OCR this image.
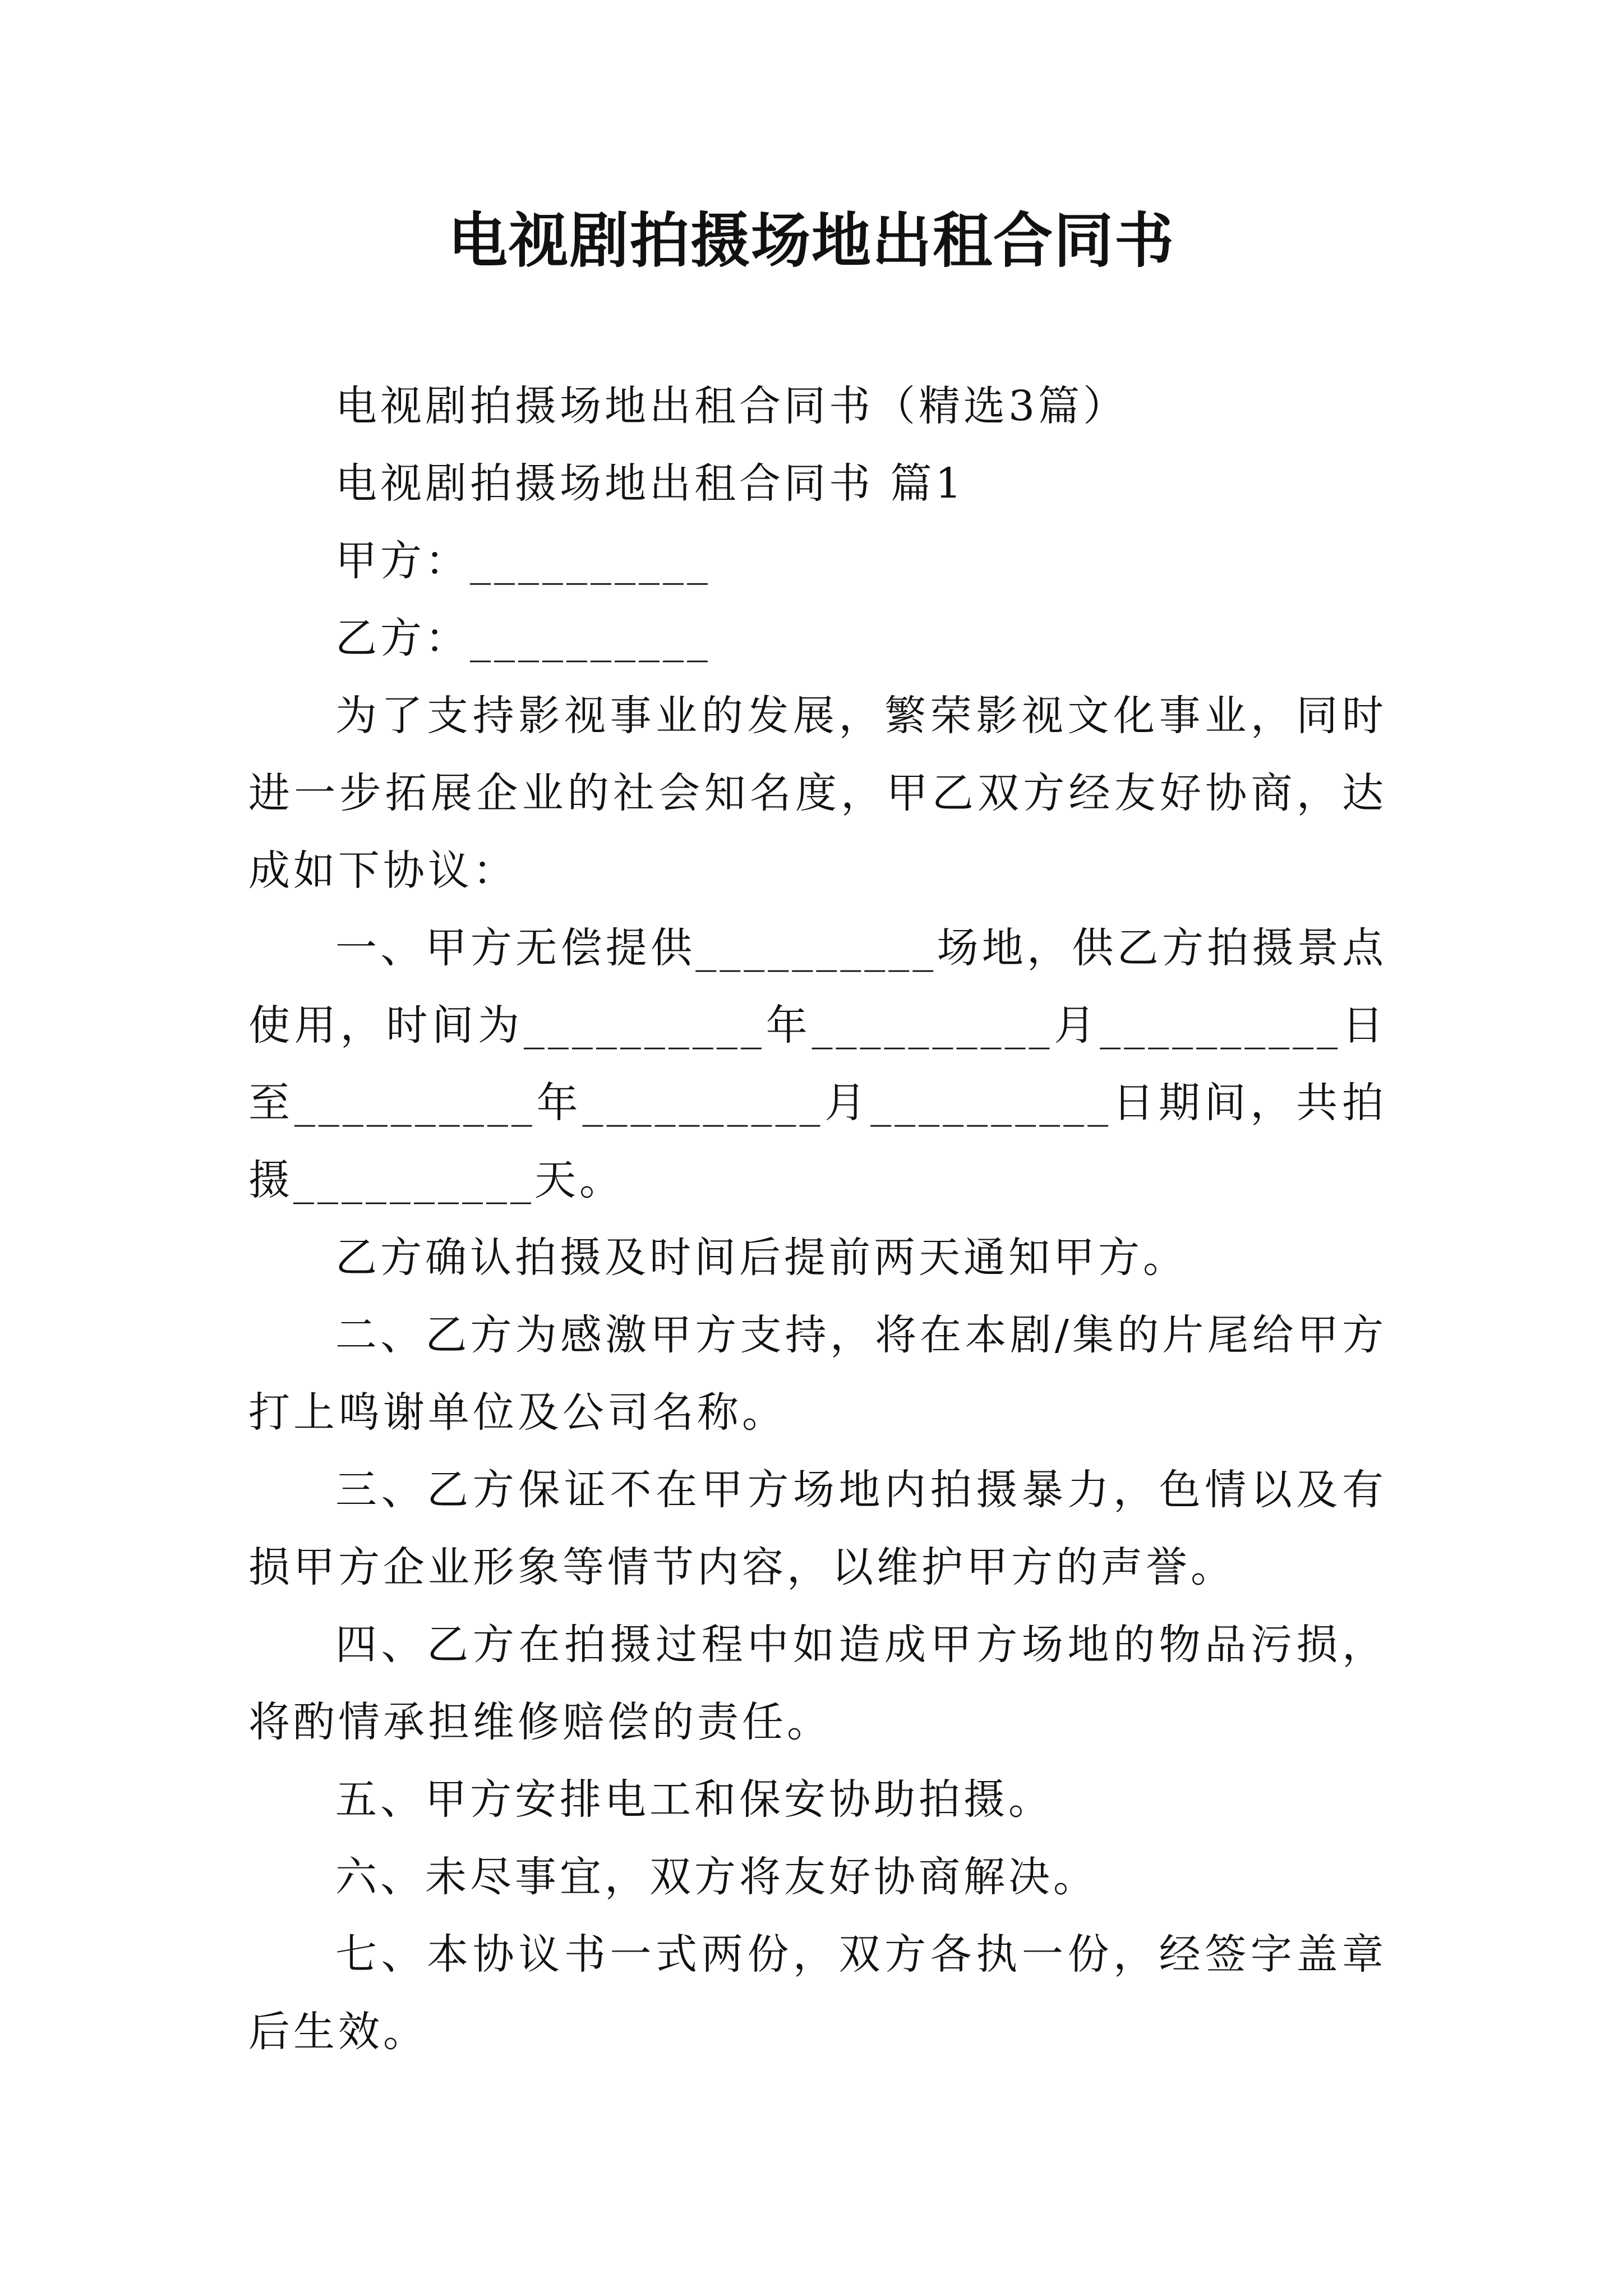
电视剧拍摄场地出租合同书

电视剧拍摄场地出租合同书（精选3篇）

电视剧拍摄场地出租合同书 篇1

甲方：__________

乙方：__________

为了支持影视事业的发展，繁荣影视文化事业，同时进一步拓展企业的社会知名度，甲乙双方经友好协商，达成如下协议：

一、甲方无偿提供__________场地，供乙方拍摄景点使用，时间为__________年__________月__________日至__________年__________月__________日期间，共拍摄__________天。

乙方确认拍摄及时间后提前两天通知甲方。

二、乙方为感激甲方支持，将在本剧/集的片尾给甲方打上鸣谢单位及公司名称。

三、乙方保证不在甲方场地内拍摄暴力，色情以及有损甲方企业形象等情节内容，以维护甲方的声誉。

四、乙方在拍摄过程中如造成甲方场地的物品污损，将酌情承担维修赔偿的责任。

五、甲方安排电工和保安协助拍摄。

六、未尽事宜，双方将友好协商解决。

七、本协议书一式两份，双方各执一份，经签字盖章后生效。
